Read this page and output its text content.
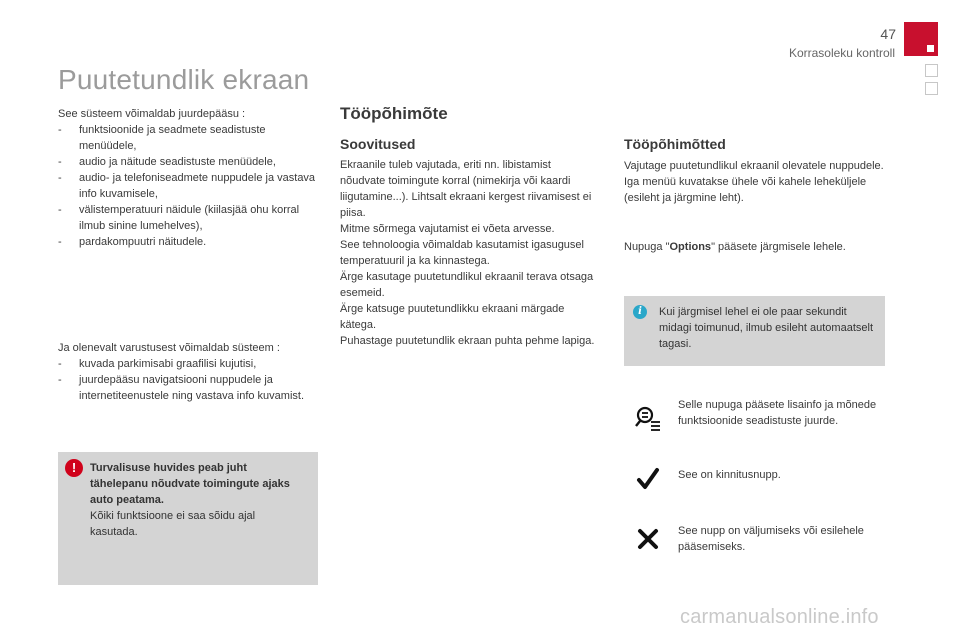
47
Korrasoleku kontroll
Puutetundlik ekraan
See süsteem võimaldab juurdepääsu :
- funktsioonide ja seadmete seadistuste menüüdele,
- audio ja näitude seadistuste menüüdele,
- audio- ja telefoniseadmete nuppudele ja vastava info kuvamisele,
- välistemperatuuri näidule (kiilasjää ohu korral ilmub sinine lumehelves),
- pardakompuutri näitudele.
Ja olenevalt varustusest võimaldab süsteem :
- kuvada parkimisabi graafilisi kujutisi,
- juurdepääsu navigatsiooni nuppudele ja internetiteenustele ning vastava info kuvamist.
!	Turvalisuse huvides peab juht tähelepanu nõudvate toimingute ajaks auto peatama.
Kõiki funktsioone ei saa sõidu ajal kasutada.
Tööpõhimõte
Soovitused
Ekraanile tuleb vajutada, eriti nn. libistamist nõudvate toimingute korral (nimekirja või kaardi liigutamine...). Lihtsalt ekraani kergest riivamisest ei piisa.
Mitme sõrmega vajutamist ei võeta arvesse.
See tehnoloogia võimaldab kasutamist igasugusel temperatuuril ja ka kinnastega.
Ärge kasutage puutetundlikul ekraanil terava otsaga esemeid.
Ärge katsuge puutetundlikku ekraani märgade kätega.
Puhastage puutetundlik ekraan puhta pehme lapiga.
Tööpõhimõtted
Vajutage puutetundlikul ekraanil olevatele nuppudele.
Iga menüü kuvatakse ühele või kahele leheküljele (esileht ja järgmine leht).
Nupuga "Options" pääsete järgmisele lehele.
i	Kui järgmisel lehel ei ole paar sekundit midagi toimunud, ilmub esileht automaatselt tagasi.
Selle nupuga pääsete lisainfo ja mõnede funktsioonide seadistuste juurde.
See on kinnitusnupp.
See nupp on väljumiseks või esilehele pääsemiseks.
carmanualsonline.info
